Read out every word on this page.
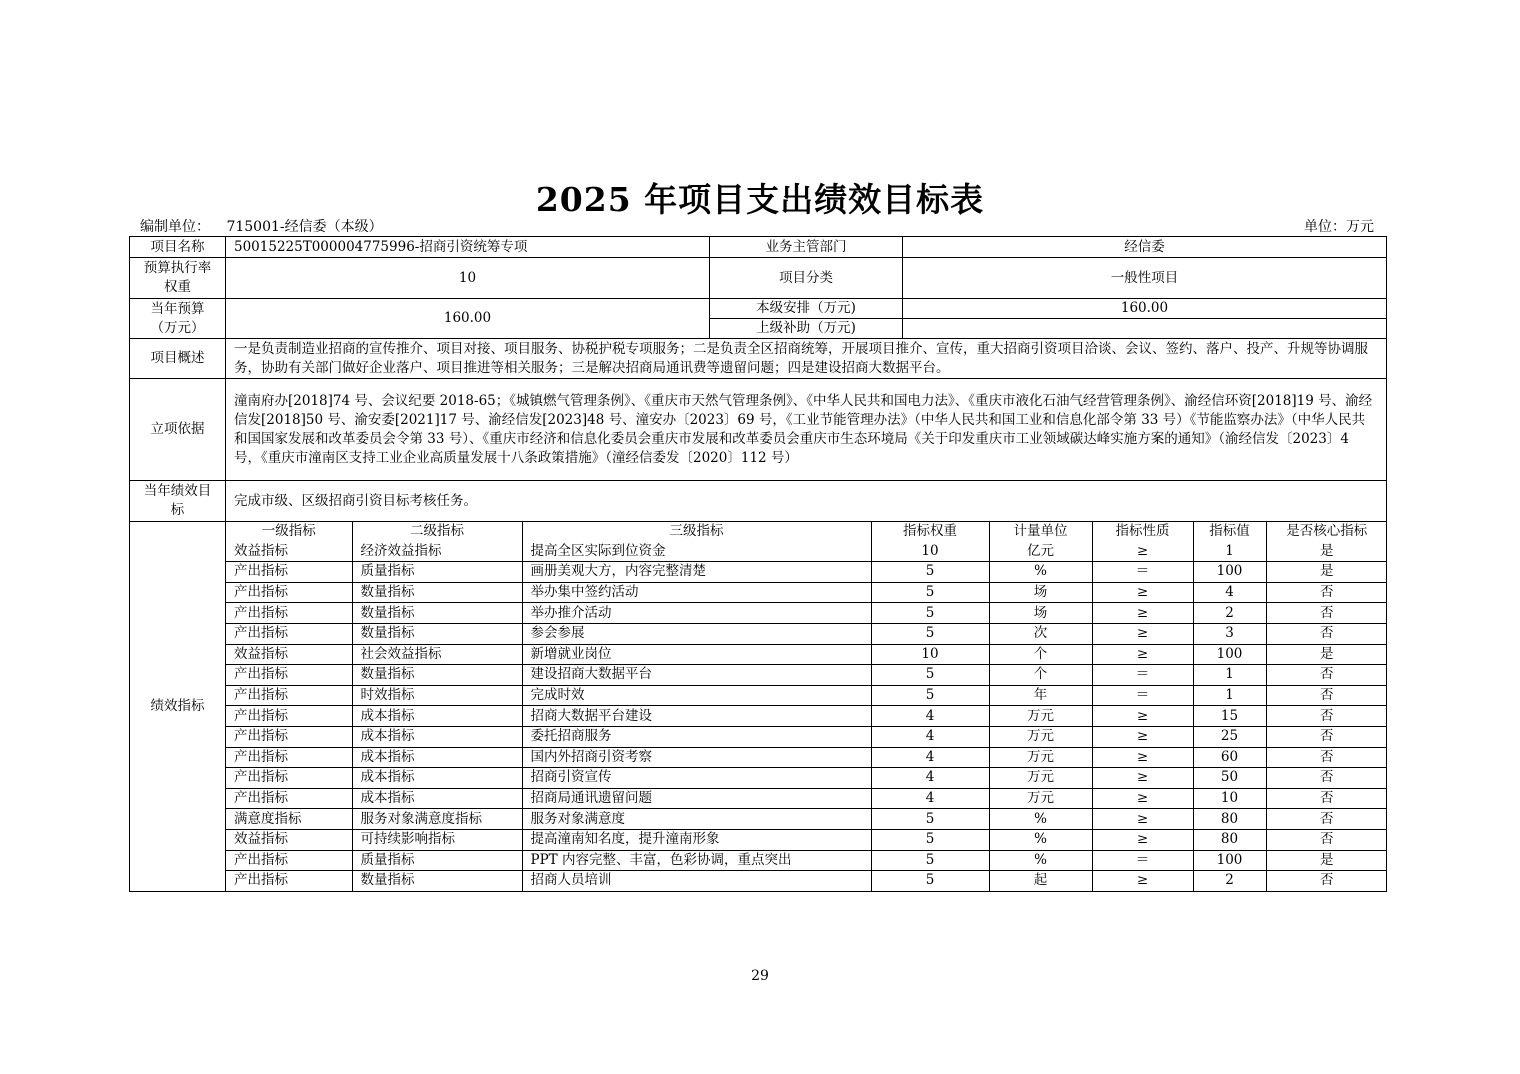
2025 年项目支出绩效目标表
编制单位： 715001-经信委（本级）	单位：万元
项目名称	50015225T000004775996-招商引资统筹专项	业务主管部门	经信委
预算执行率权重	10	项目分类	一般性项目
当年预算（万元）	160.00	本级安排（万元)	160.00
上级补助（万元)	
项目概述	一是负责制造业招商的宣传推介、项目对接、项目服务、协税护税专项服务；二是负责全区招商统筹，开展项目推介、宣传，重大招商引资项目洽谈、会议、签约、落户、投产、升规等协调服务，协助有关部门做好企业落户、项目推进等相关服务；三是解决招商局通讯费等遗留问题；四是建设招商大数据平台。
立项依据	潼南府办[2018]74 号、会议纪要 2018-65；《城镇燃气管理条例》、《重庆市天然气管理条例》、《中华人民共和国电力法》、《重庆市液化石油气经营管理条例》、渝经信环资[2018]19 号、渝经信发[2018]50 号、渝安委[2021]17 号、渝经信发[2023]48 号、潼安办〔2023〕69 号，《工业节能管理办法》（中华人民共和国工业和信息化部令第 33 号）《节能监察办法》（中华人民共和国国家发展和改革委员会令第 33 号）、《重庆市经济和信息化委员会重庆市发展和改革委员会重庆市生态环境局《关于印发重庆市工业领域碳达峰实施方案的通知》（渝经信发〔2023〕4 号，《重庆市潼南区支持工业企业高质量发展十八条政策措施》（潼经信委发〔2020〕112 号）
当年绩效目标	完成市级、区级招商引资目标考核任务。
绩效指标	
一级指标	二级指标	三级指标	指标权重	计量单位	指标性质	指标值	是否核心指标
效益指标	经济效益指标	提高全区实际到位资金	10	亿元	≥	1	是
产出指标	质量指标	画册美观大方，内容完整清楚	5	%	＝	100	是
产出指标	数量指标	举办集中签约活动	5	场	≥	4	否
产出指标	数量指标	举办推介活动	5	场	≥	2	否
产出指标	数量指标	参会参展	5	次	≥	3	否
效益指标	社会效益指标	新增就业岗位	10	个	≥	100	是
产出指标	数量指标	建设招商大数据平台	5	个	＝	1	否
产出指标	时效指标	完成时效	5	年	＝	1	否
产出指标	成本指标	招商大数据平台建设	4	万元	≥	15	否
产出指标	成本指标	委托招商服务	4	万元	≥	25	否
产出指标	成本指标	国内外招商引资考察	4	万元	≥	60	否
产出指标	成本指标	招商引资宣传	4	万元	≥	50	否
产出指标	成本指标	招商局通讯遗留问题	4	万元	≥	10	否
满意度指标	服务对象满意度指标	服务对象满意度	5	%	≥	80	否
效益指标	可持续影响指标	提高潼南知名度，提升潼南形象	5	%	≥	80	否
产出指标	质量指标	PPT 内容完整、丰富，色彩协调，重点突出	5	%	＝	100	是
产出指标	数量指标	招商人员培训	5	起	≥	2	否
29
